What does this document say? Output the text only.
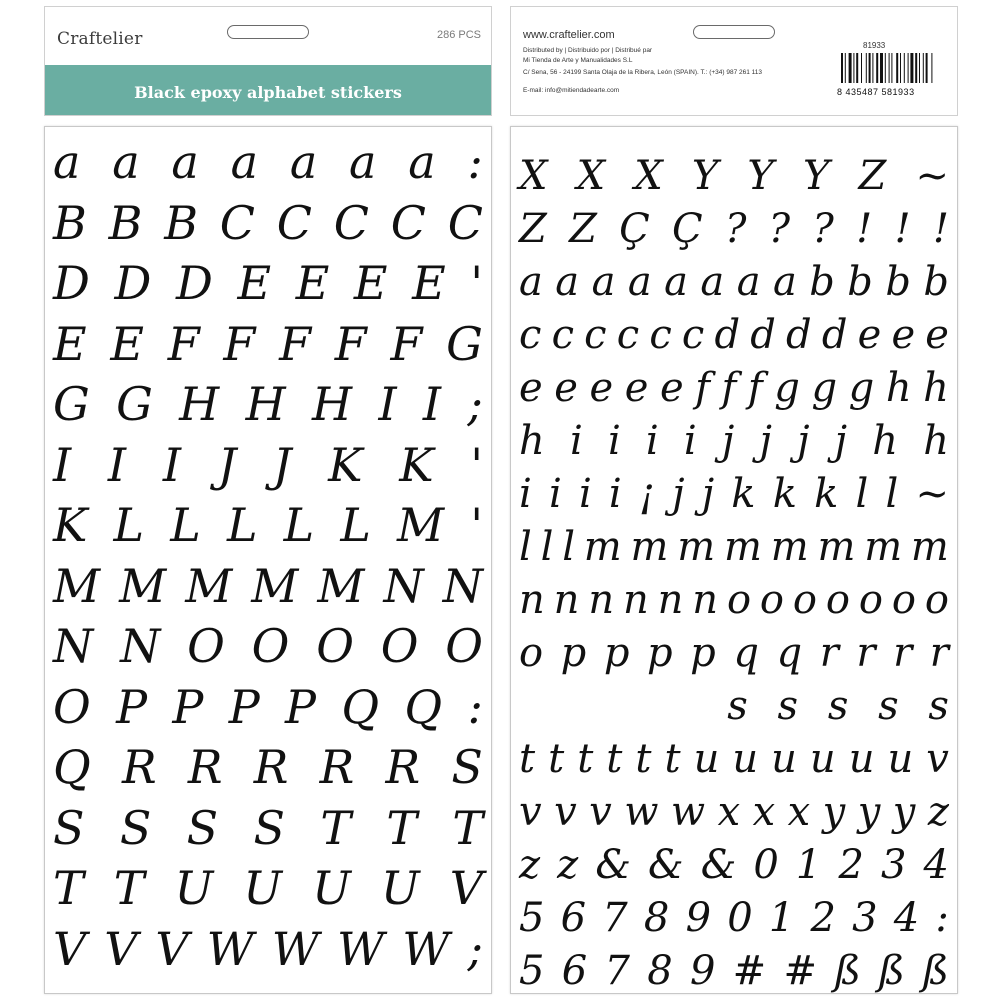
Craftelier	286 PCS
Black epoxy alphabet stickers
www.craftelier.com
Distributed by | Distribuido por | Distribué par
Mi Tienda de Arte y Manualidades S.L
C/ Sena, 56 - 24199 Santa Olaja de la Ribera, León (SPAIN). T.: (+34) 987 261 113
E-mail: info@mitiendadearte.com
81933
8 435487 581933
a a a a a a a :
B B B C C C C C
D D D E E E E '
E E F F F F F G
G G H H H I I ;
I I I J J K K '
K L L L L L M '
M M M M M N N
N N O O O O O
O P P P P Q Q :
Q R R R R R S
S S S S T T T
T T U U U U V
V V V W W W W ;
X X X Y Y Y Z ~
Z Z Ç Ç ? ? ? ! ! !
a a a a a a a a b b b b
c c c c c c d d d d e e e
e e e e e f f f g g g h h
h i i i i j j j j h h
i i i i ¡ j j k k k l l ~
l l l m m m m m m m m
n n n n n n o o o o o o o
o p p p p q q r r r r
s s s s s
t t t t t t u u u u u u v
v v v w w x x x y y y z
z z & & & 0 1 2 3 4
5 6 7 8 9 0 1 2 3 4 :
5 6 7 8 9 # # ß ß ß
